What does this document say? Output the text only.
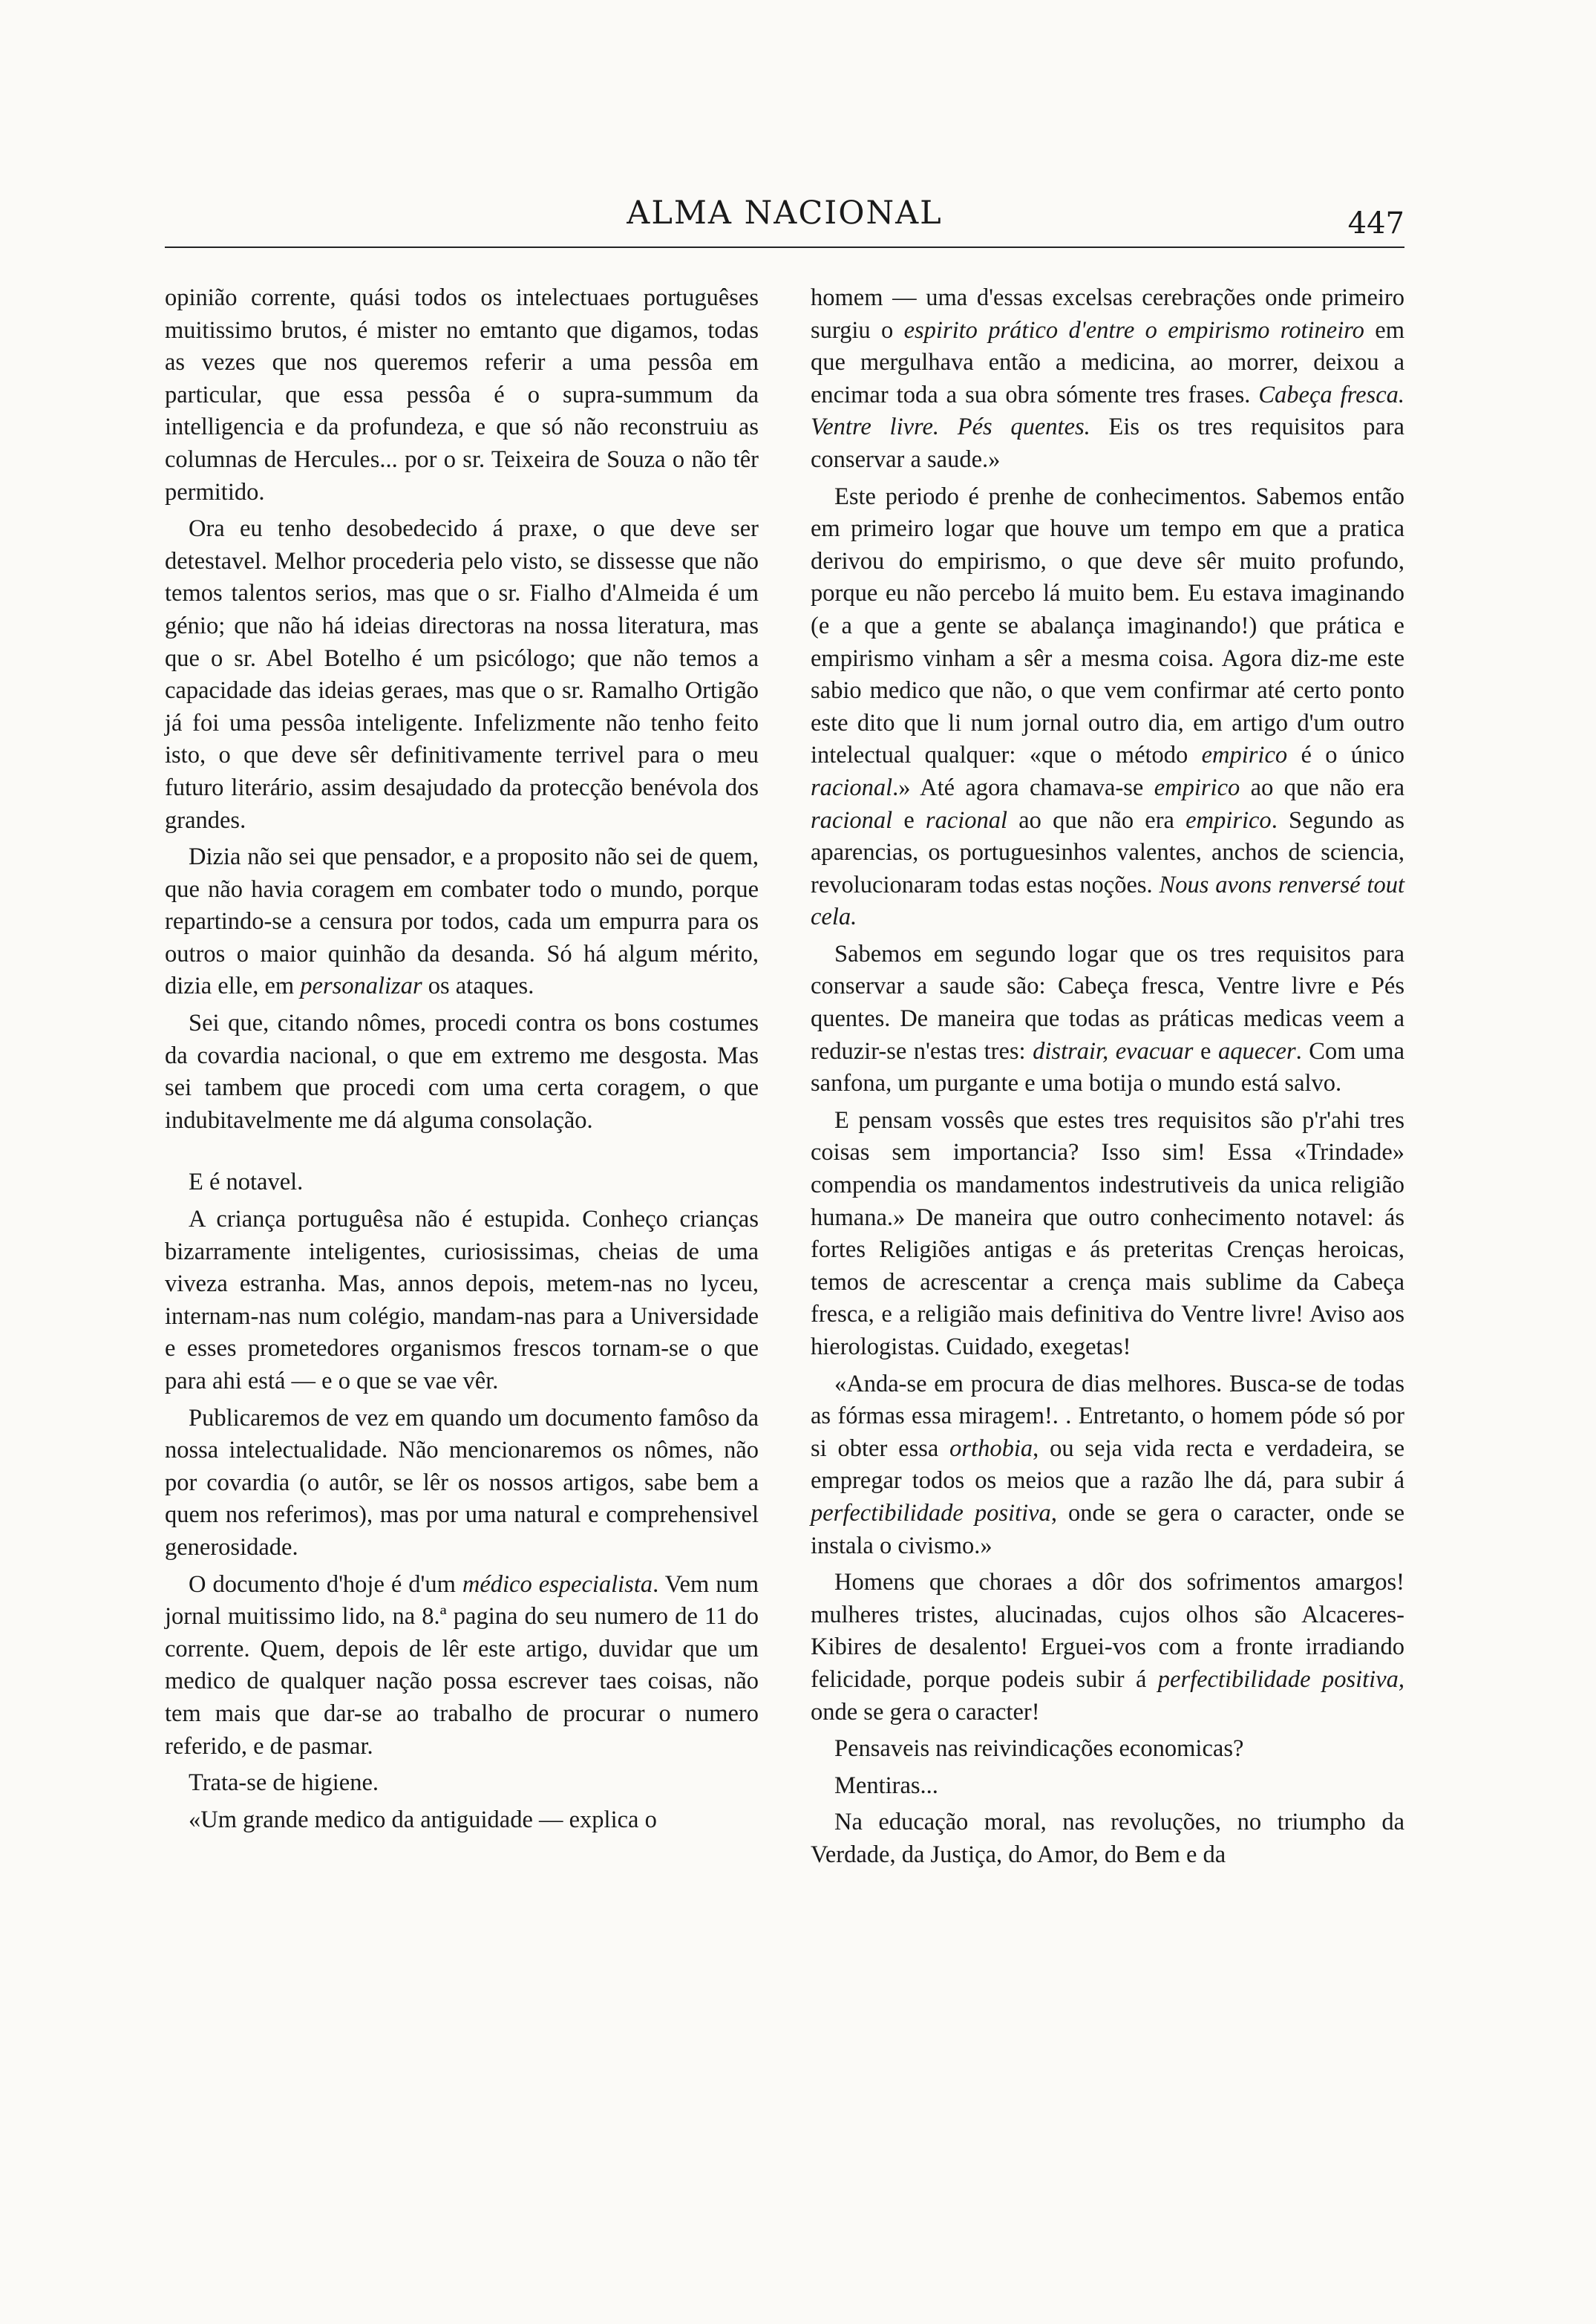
ALMA NACIONAL	447

opinião corrente, quási todos os intelectuaes portuguêses muitissimo brutos, é mister no emtanto que digamos, todas as vezes que nos queremos referir a uma pessôa em particular, que essa pessôa é o supra-summum da intelligencia e da profundeza, e que só não reconstruiu as columnas de Hercules... por o sr. Teixeira de Souza o não têr permitido.

Ora eu tenho desobedecido á praxe, o que deve ser detestavel. Melhor procederia pelo visto, se dissesse que não temos talentos serios, mas que o sr. Fialho d'Almeida é um génio; que não há ideias directoras na nossa literatura, mas que o sr. Abel Botelho é um psicólogo; que não temos a capacidade das ideias geraes, mas que o sr. Ramalho Ortigão já foi uma pessôa inteligente. Infelizmente não tenho feito isto, o que deve sêr definitivamente terrivel para o meu futuro literário, assim desajudado da protecção benévola dos grandes.

Dizia não sei que pensador, e a proposito não sei de quem, que não havia coragem em combater todo o mundo, porque repartindo-se a censura por todos, cada um empurra para os outros o maior quinhão da desanda. Só há algum mérito, dizia elle, em personalizar os ataques.

Sei que, citando nômes, procedi contra os bons costumes da covardia nacional, o que em extremo me desgosta. Mas sei tambem que procedi com uma certa coragem, o que indubitavelmente me dá alguma consolação.

E é notavel.

A criança portuguêsa não é estupida. Conheço crianças bizarramente inteligentes, curiosissimas, cheias de uma viveza estranha. Mas, annos depois, metem-nas no lyceu, internam-nas num colégio, mandam-nas para a Universidade e esses prometedores organismos frescos tornam-se o que para ahi está — e o que se vae vêr.

Publicaremos de vez em quando um documento famôso da nossa intelectualidade. Não mencionaremos os nômes, não por covardia (o autôr, se lêr os nossos artigos, sabe bem a quem nos referimos), mas por uma natural e comprehensivel generosidade.

O documento d'hoje é d'um médico especialista. Vem num jornal muitissimo lido, na 8.ª pagina do seu numero de 11 do corrente. Quem, depois de lêr este artigo, duvidar que um medico de qualquer nação possa escrever taes coisas, não tem mais que dar-se ao trabalho de procurar o numero referido, e de pasmar.

Trata-se de higiene.

«Um grande medico da antiguidade — explica o

homem — uma d'essas excelsas cerebrações onde primeiro surgiu o espirito prático d'entre o empirismo rotineiro em que mergulhava então a medicina, ao morrer, deixou a encimar toda a sua obra sómente tres frases. Cabeça fresca. Ventre livre. Pés quentes. Eis os tres requisitos para conservar a saude.»

Este periodo é prenhe de conhecimentos. Sabemos então em primeiro logar que houve um tempo em que a pratica derivou do empirismo, o que deve sêr muito profundo, porque eu não percebo lá muito bem. Eu estava imaginando (e a que a gente se abalança imaginando!) que prática e empirismo vinham a sêr a mesma coisa. Agora diz-me este sabio medico que não, o que vem confirmar até certo ponto este dito que li num jornal outro dia, em artigo d'um outro intelectual qualquer: «que o método empirico é o único racional.» Até agora chamava-se empirico ao que não era racional e racional ao que não era empirico. Segundo as aparencias, os portuguesinhos valentes, anchos de sciencia, revolucionaram todas estas noções. Nous avons renversé tout cela.

Sabemos em segundo logar que os tres requisitos para conservar a saude são: Cabeça fresca, Ventre livre e Pés quentes. De maneira que todas as práticas medicas veem a reduzir-se n'estas tres: distrair, evacuar e aquecer. Com uma sanfona, um purgante e uma botija o mundo está salvo.

E pensam vossês que estes tres requisitos são p'r'ahi tres coisas sem importancia? Isso sim! Essa «Trindade» compendia os mandamentos indestrutiveis da unica religião humana.» De maneira que outro conhecimento notavel: ás fortes Religiões antigas e ás preteritas Crenças heroicas, temos de acrescentar a crença mais sublime da Cabeça fresca, e a religião mais definitiva do Ventre livre! Aviso aos hierologistas. Cuidado, exegetas!

«Anda-se em procura de dias melhores. Busca-se de todas as fórmas essa miragem!. . Entretanto, o homem póde só por si obter essa orthobia, ou seja vida recta e verdadeira, se empregar todos os meios que a razão lhe dá, para subir á perfectibilidade positiva, onde se gera o caracter, onde se instala o civismo.»

Homens que choraes a dôr dos sofrimentos amargos! mulheres tristes, alucinadas, cujos olhos são Alcaceres-Kibires de desalento! Erguei-vos com a fronte irradiando felicidade, porque podeis subir á perfectibilidade positiva, onde se gera o caracter!

Pensaveis nas reivindicações economicas?

Mentiras...

Na educação moral, nas revoluções, no triumpho da Verdade, da Justiça, do Amor, do Bem e da
